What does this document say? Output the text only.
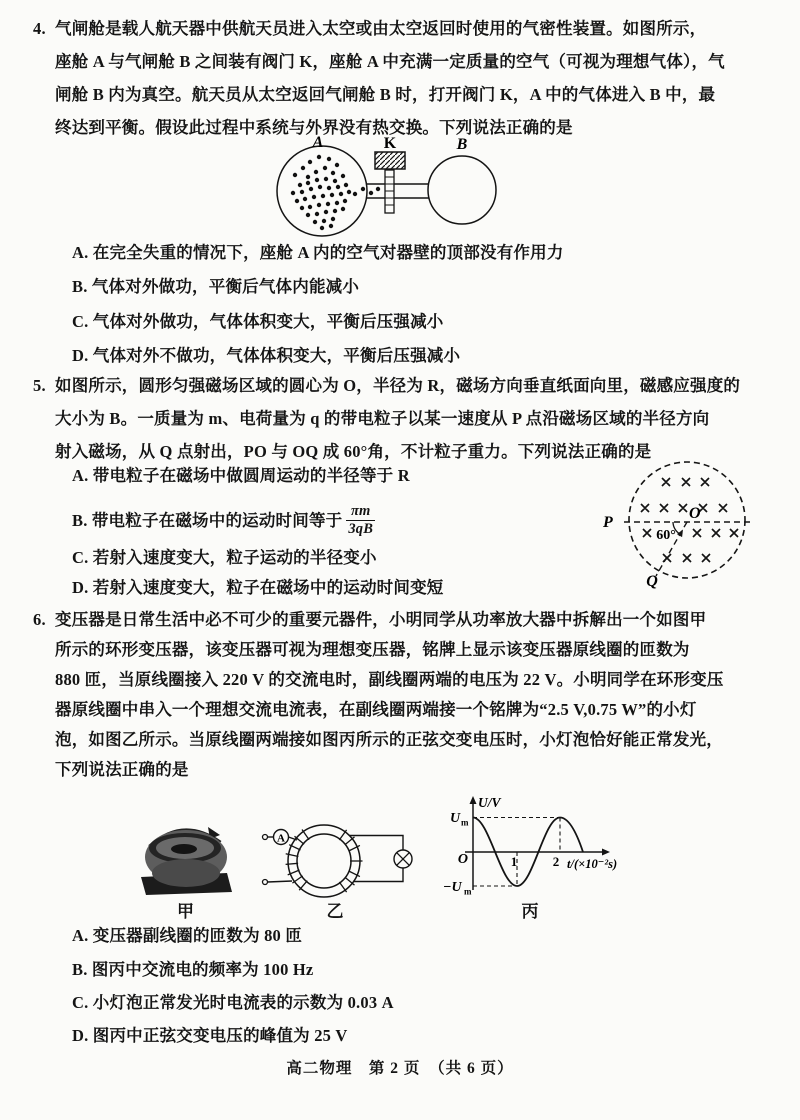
4. 气闸舱是载人航天器中供航天员进入太空或由太空返回时使用的气密性装置。如图所示，
座舱 A 与气闸舱 B 之间装有阀门 K，座舱 A 中充满一定质量的空气（可视为理想气体），气
闸舱 B 内为真空。航天员从太空返回气闸舱 B 时，打开阀门 K，A 中的气体进入 B 中，最
终达到平衡。假设此过程中系统与外界没有热交换。下列说法正确的是
A	K	B
A. 在完全失重的情况下，座舱 A 内的空气对器壁的顶部没有作用力
B. 气体对外做功，平衡后气体内能减小
C. 气体对外做功，气体体积变大，平衡后压强减小
D. 气体对外不做功，气体体积变大，平衡后压强减小
5. 如图所示，圆形匀强磁场区域的圆心为 O，半径为 R，磁场方向垂直纸面向里，磁感应强度的
大小为 B。一质量为 m、电荷量为 q 的带电粒子以某一速度从 P 点沿磁场区域的半径方向
射入磁场，从 Q 点射出，PO 与 OQ 成 60°角，不计粒子重力。下列说法正确的是
A. 带电粒子在磁场中做圆周运动的半径等于 R
B. 带电粒子在磁场中的运动时间等于 $\frac{\pi m}{3qB}$
C. 若射入速度变大，粒子运动的半径变小
D. 若射入速度变大，粒子在磁场中的运动时间变短
P
O
Q
60°
6. 变压器是日常生活中必不可少的重要元器件，小明同学从功率放大器中拆解出一个如图甲
所示的环形变压器，该变压器可视为理想变压器，铭牌上显示该变压器原线圈的匝数为
880 匝，当原线圈接入 220 V 的交流电时，副线圈两端的电压为 22 V。小明同学在环形变压
器原线圈中串入一个理想交流电流表，在副线圈两端接一个铭牌为“2.5 V,0.75 W”的小灯
泡，如图乙所示。当原线圈两端接如图丙所示的正弦交变电压时，小灯泡恰好能正常发光，
下列说法正确的是
甲
A
乙
U/V
U m
−U m
O	1	2 t/(×10⁻²s)
丙
A. 变压器副线圈的匝数为 80 匝
B. 图丙中交流电的频率为 100 Hz
C. 小灯泡正常发光时电流表的示数为 0.03 A
D. 图丙中正弦交变电压的峰值为 25 V
高二物理　第 2 页　（共 6 页）
